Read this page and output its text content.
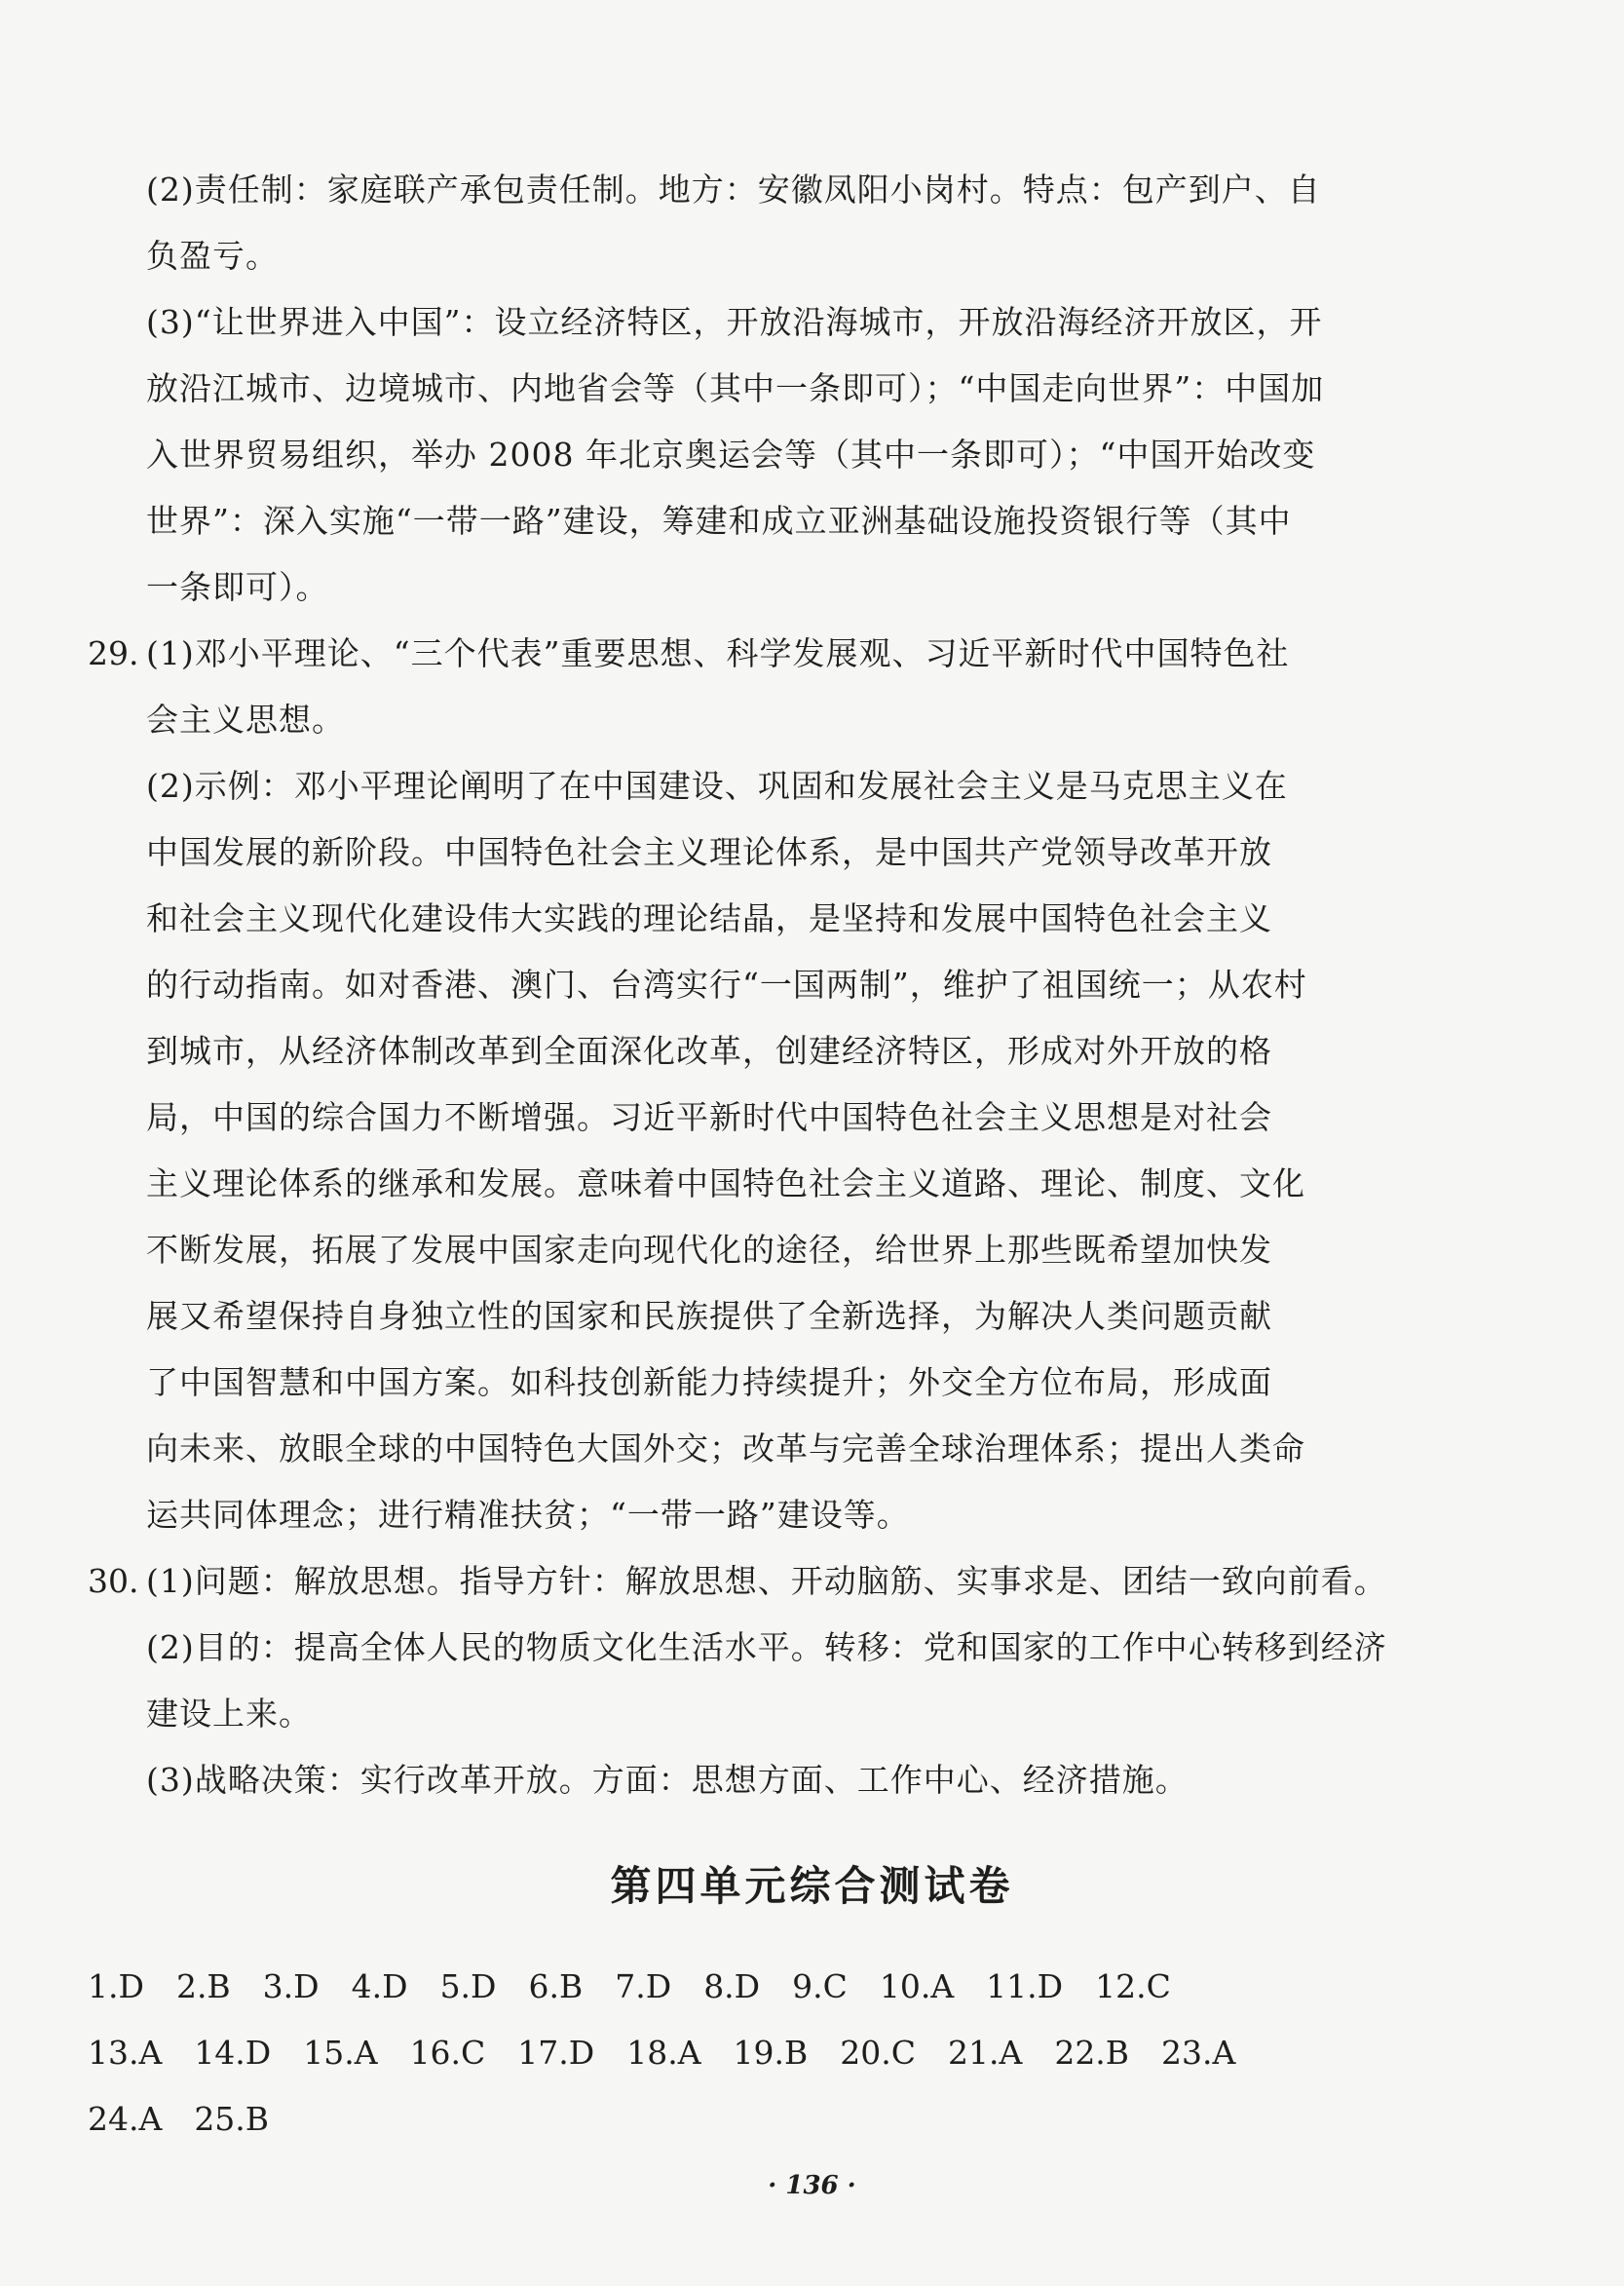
(2)责任制：家庭联产承包责任制。地方：安徽凤阳小岗村。特点：包产到户、自
负盈亏。
(3)“让世界进入中国”：设立经济特区，开放沿海城市，开放沿海经济开放区，开
放沿江城市、边境城市、内地省会等（其中一条即可）；“中国走向世界”：中国加
入世界贸易组织，举办 2008 年北京奥运会等（其中一条即可）；“中国开始改变
世界”：深入实施“一带一路”建设，筹建和成立亚洲基础设施投资银行等（其中
一条即可）。
29. (1)邓小平理论、“三个代表”重要思想、科学发展观、习近平新时代中国特色社
会主义思想。
(2)示例：邓小平理论阐明了在中国建设、巩固和发展社会主义是马克思主义在
中国发展的新阶段。中国特色社会主义理论体系，是中国共产党领导改革开放
和社会主义现代化建设伟大实践的理论结晶，是坚持和发展中国特色社会主义
的行动指南。如对香港、澳门、台湾实行“一国两制”，维护了祖国统一；从农村
到城市，从经济体制改革到全面深化改革，创建经济特区，形成对外开放的格
局，中国的综合国力不断增强。习近平新时代中国特色社会主义思想是对社会
主义理论体系的继承和发展。意味着中国特色社会主义道路、理论、制度、文化
不断发展，拓展了发展中国家走向现代化的途径，给世界上那些既希望加快发
展又希望保持自身独立性的国家和民族提供了全新选择，为解决人类问题贡献
了中国智慧和中国方案。如科技创新能力持续提升；外交全方位布局，形成面
向未来、放眼全球的中国特色大国外交；改革与完善全球治理体系；提出人类命
运共同体理念；进行精准扶贫；“一带一路”建设等。
30. (1)问题：解放思想。指导方针：解放思想、开动脑筋、实事求是、团结一致向前看。
(2)目的：提高全体人民的物质文化生活水平。转移：党和国家的工作中心转移到经济
建设上来。
(3)战略决策：实行改革开放。方面：思想方面、工作中心、经济措施。
第四单元综合测试卷
1.D　2.B　3.D　4.D　5.D　6.B　7.D　8.D　9.C　10.A　11.D　12.C
13.A　14.D　15.A　16.C　17.D　18.A　19.B　20.C　21.A　22.B　23.A
24.A　25.B
· 136 ·
